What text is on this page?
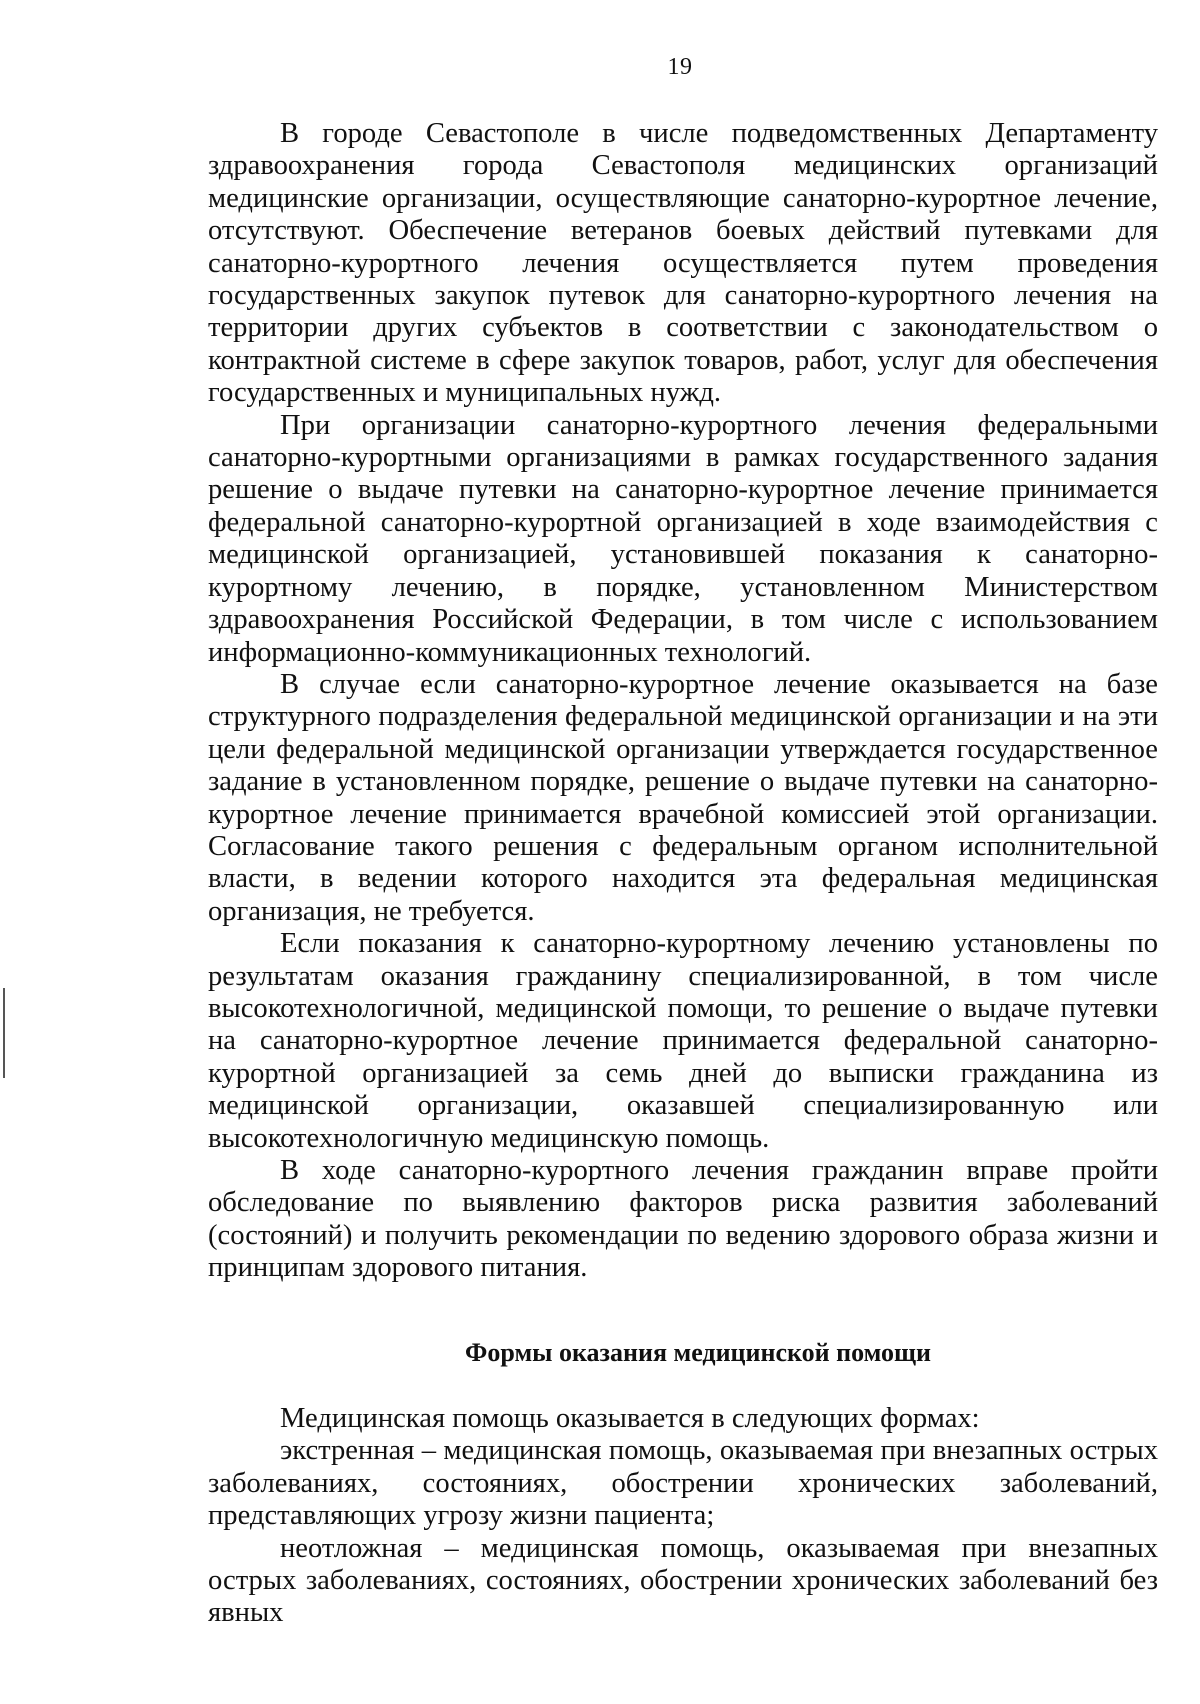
19

В городе Севастополе в числе подведомственных Департаменту здравоохранения города Севастополя медицинских организаций медицинские организации, осуществляющие санаторно-курортное лечение, отсутствуют. Обеспечение ветеранов боевых действий путевками для санаторно-курортного лечения осуществляется путем проведения государственных закупок путевок для санаторно-курортного лечения на территории других субъектов в соответствии с законодательством о контрактной системе в сфере закупок товаров, работ, услуг для обеспечения государственных и муниципальных нужд.

При организации санаторно-курортного лечения федеральными санаторно-курортными организациями в рамках государственного задания решение о выдаче путевки на санаторно-курортное лечение принимается федеральной санаторно-курортной организацией в ходе взаимодействия с медицинской организацией, установившей показания к санаторно-курортному лечению, в порядке, установленном Министерством здравоохранения Российской Федерации, в том числе с использованием информационно-коммуникационных технологий.

В случае если санаторно-курортное лечение оказывается на базе структурного подразделения федеральной медицинской организации и на эти цели федеральной медицинской организации утверждается государственное задание в установленном порядке, решение о выдаче путевки на санаторно-курортное лечение принимается врачебной комиссией этой организации. Согласование такого решения с федеральным органом исполнительной власти, в ведении которого находится эта федеральная медицинская организация, не требуется.

Если показания к санаторно-курортному лечению установлены по результатам оказания гражданину специализированной, в том числе высокотехнологичной, медицинской помощи, то решение о выдаче путевки на санаторно-курортное лечение принимается федеральной санаторно-курортной организацией за семь дней до выписки гражданина из медицинской организации, оказавшей специализированную или высокотехнологичную медицинскую помощь.

В ходе санаторно-курортного лечения гражданин вправе пройти обследование по выявлению факторов риска развития заболеваний (состояний) и получить рекомендации по ведению здорового образа жизни и принципам здорового питания.

Формы оказания медицинской помощи

Медицинская помощь оказывается в следующих формах:

экстренная – медицинская помощь, оказываемая при внезапных острых заболеваниях, состояниях, обострении хронических заболеваний, представляющих угрозу жизни пациента;

неотложная – медицинская помощь, оказываемая при внезапных острых заболеваниях, состояниях, обострении хронических заболеваний без явных
